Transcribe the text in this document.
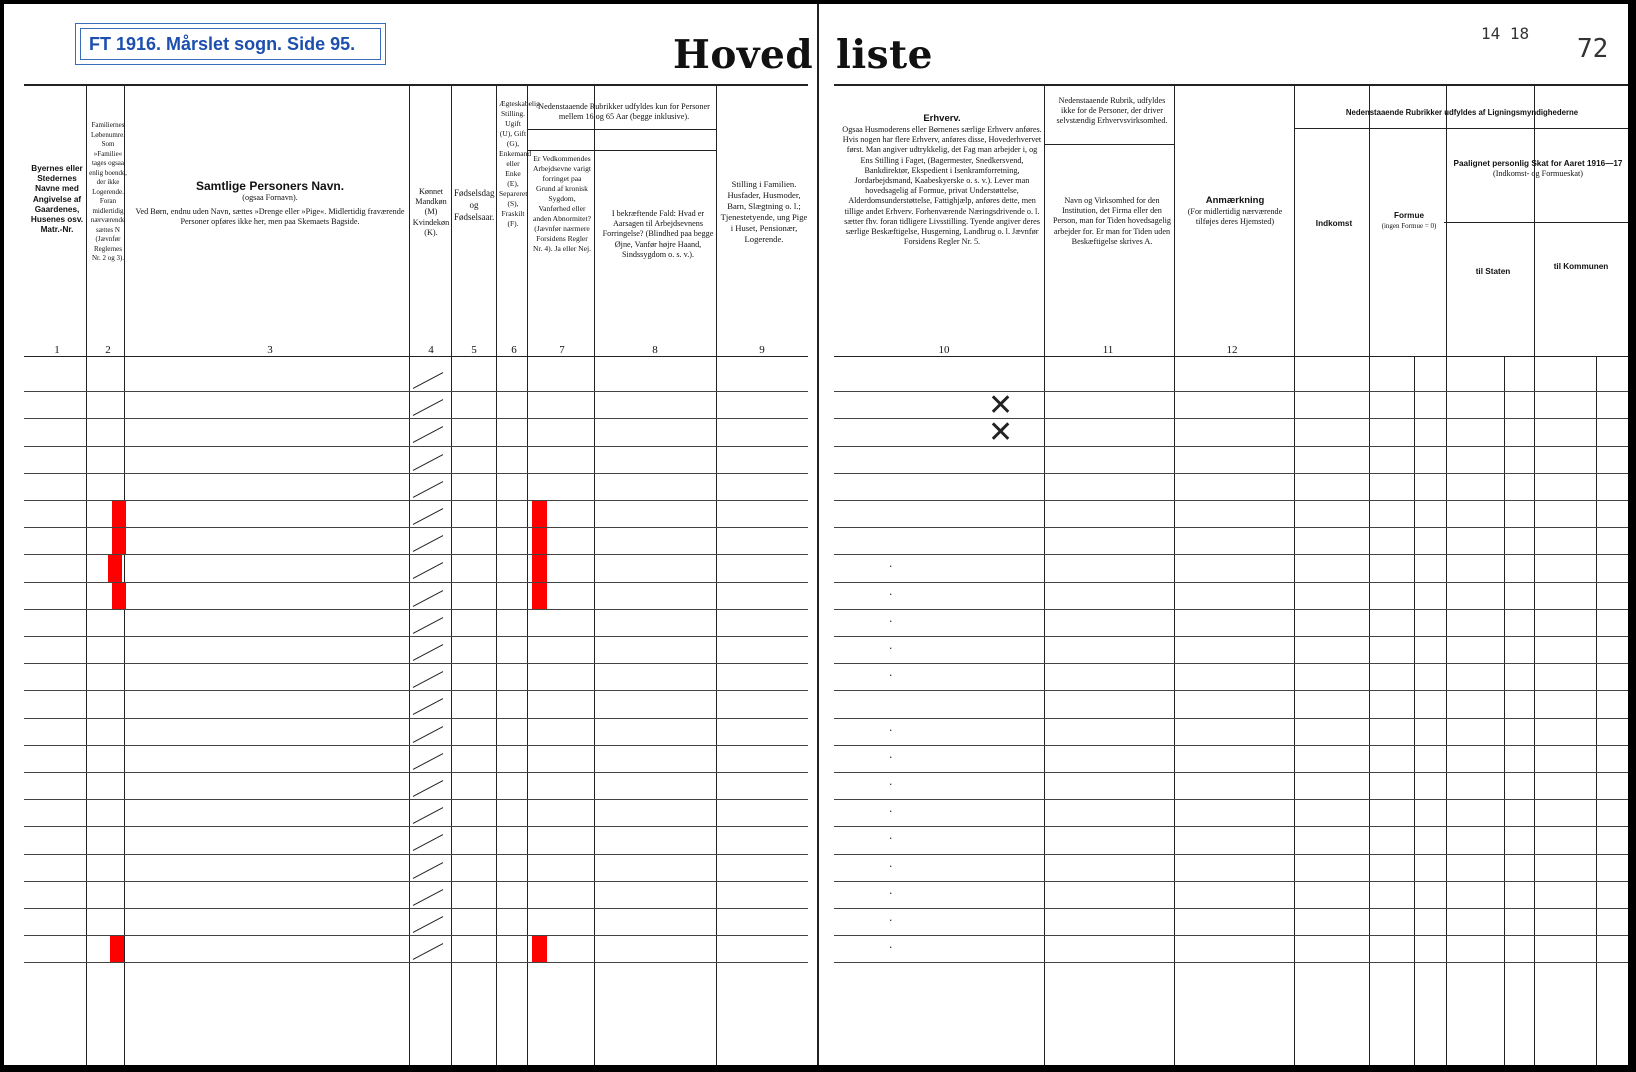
FT 1916. Mårslet sogn. Side 95.	Hoved liste	14 18
72
Byernes eller Stedernes Navne med Angivelse af Gaardenes, Husenes osv. Matr.-Nr.
Familiernes Løbenumre. Som »Familie« tages ogsaa enlig boende, der ikke Logerende. Foran midlertidig nærværende sættes N (Jævnfør Reglernes Nr. 2 og 3).
Samtlige Personers Navn.
(ogsaa Fornavn).
Ved Børn, endnu uden Navn, sættes »Drenge eller »Pige«. Midlertidig fraværende Personer opføres ikke her, men paa Skemaets Bagside.
Kønnet Mandkøn (M) Kvindekøn (K).
Fødselsdag og Fødselsaar.
Ægteskabelig Stilling. Ugift (U), Gift (G), Enkemand eller Enke (E), Separeret (S), Fraskilt (F).
Nedenstaaende Rubrikker udfyldes kun for Personer mellem 16 og 65 Aar (begge inklusive).
Er Vedkommendes Arbejdsevne varigt forringet paa Grund af kronisk Sygdom, Vanførhed eller anden Abnormitet? (Jævnfør nærmere Forsidens Regler Nr. 4). Ja eller Nej.
I bekræftende Fald: Hvad er Aarsagen til Arbejdsevnens Forringelse? (Blindhed paa begge Øjne, Vanfør højre Haand, Sindssygdom o. s. v.).
Stilling i Familien. Husfader, Husmoder, Barn, Slægtning o. l.; Tjenestetyende, ung Pige i Huset, Pensionær, Logerende.
Erhverv.
Ogsaa Husmoderens eller Børnenes særlige Erhverv anføres. Hvis nogen har flere Erhverv, anføres disse, Hovederhvervet først. Man angiver udtrykkelig, det Fag man arbejder i, og Ens Stilling i Faget, (Bagermester, Snedkersvend, Bankdirektør, Ekspedient i Isenkramforretning, Jordarbejdsmand, Kaabeskyerske o. s. v.). Lever man hovedsagelig af Formue, privat Understøttelse, Alderdomsunderstøttelse, Fattighjælp, anføres dette, men tillige andet Erhverv. Forhenværende Næringsdrivende o. l. sætter fhv. foran tidligere Livsstilling. Tyende angiver deres særlige Beskæftigelse, Husgerning, Landbrug o. l. Jævnfør Forsidens Regler Nr. 5.
Nedenstaaende Rubrik, udfyldes ikke for de Personer, der driver selvstændig Erhvervsvirksomhed.
Navn og Virksomhed for den Institution, det Firma eller den Person, man for Tiden hovedsagelig arbejder for. Er man for Tiden uden Beskæftigelse skrives A.
Anmærkning
(For midlertidig nærværende tilføjes deres Hjemsted)
Nedenstaaende Rubrikker udfyldes af Ligningsmyndighederne
Indkomst
Formue
(ingen Formue = 0)
Paalignet personlig Skat for Aaret 1916—17
(Indkomst- og Formueskat)
til Staten
til Kommunen
1	2	3	4	5	6	7	8	9	10	11	12
✕
✕
·
·
·
·
·
·
·
·
·
·
·
·
·
·
